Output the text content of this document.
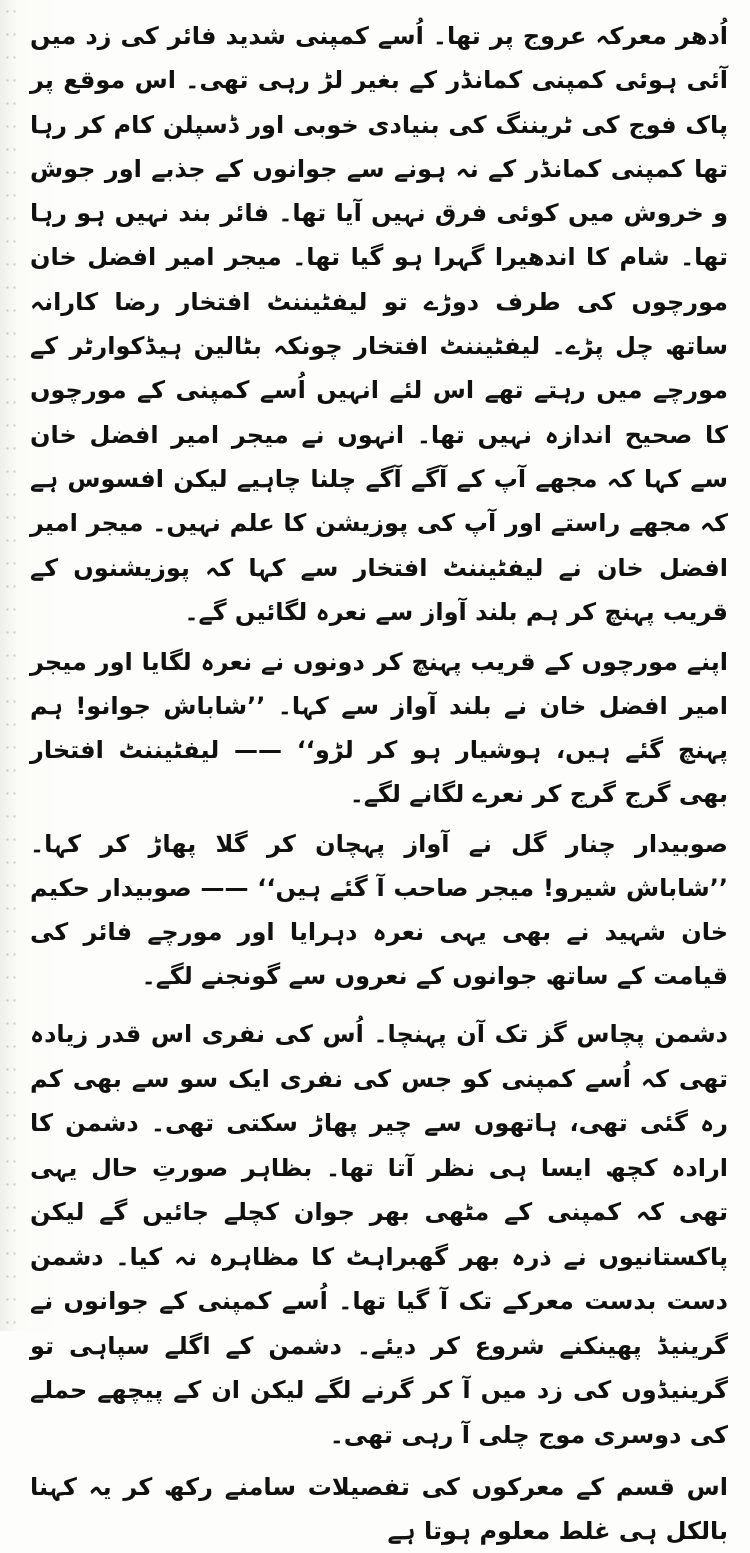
اُدھر معرکہ عروج پر تھا۔ اُسے کمپنی شدید فائر کی زد میں آئی ہوئی کمپنی کمانڈر کے بغیر لڑ رہی تھی۔ اس موقع پر پاک فوج کی ٹریننگ کی بنیادی خوبی اور ڈسپلن کام کر رہا تھا کمپنی کمانڈر کے نہ ہونے سے جوانوں کے جذبے اور جوش و خروش میں کوئی فرق نہیں آیا تھا۔ فائر بند نہیں ہو رہا تھا۔ شام کا اندھیرا گہرا ہو گیا تھا۔ میجر امیر افضل خان مورچوں کی طرف دوڑے تو لیفٹیننٹ افتخار رضا کارانہ ساتھ چل پڑے۔ لیفٹیننٹ افتخار چونکہ بٹالین ہیڈکوارٹر کے مورچے میں رہتے تھے اس لئے انہیں اُسے کمپنی کے مورچوں کا صحیح اندازہ نہیں تھا۔ انہوں نے میجر امیر افضل خان سے کہا کہ مجھے آپ کے آگے آگے چلنا چاہیے لیکن افسوس ہے کہ مجھے راستے اور آپ کی پوزیشن کا علم نہیں۔ میجر امیر افضل خان نے لیفٹیننٹ افتخار سے کہا کہ پوزیشنوں کے قریب پہنچ کر ہم بلند آواز سے نعرہ لگائیں گے۔

اپنے مورچوں کے قریب پہنچ کر دونوں نے نعرہ لگایا اور میجر امیر افضل خان نے بلند آواز سے کہا۔ ’’شاباش جوانو! ہم پہنچ گئے ہیں، ہوشیار ہو کر لڑو‘‘ —— لیفٹیننٹ افتخار بھی گرج گرج کر نعرے لگانے لگے۔

صوبیدار چنار گل نے آواز پہچان کر گلا پھاڑ کر کہا۔ ’’شاباش شیرو! میجر صاحب آ گئے ہیں‘‘ —— صوبیدار حکیم خان شہید نے بھی یہی نعرہ دہرایا اور مورچے فائر کی قیامت کے ساتھ جوانوں کے نعروں سے گونجنے لگے۔

دشمن پچاس گز تک آن پہنچا۔ اُس کی نفری اس قدر زیادہ تھی کہ اُسے کمپنی کو جس کی نفری ایک سو سے بھی کم رہ گئی تھی، ہاتھوں سے چیر پھاڑ سکتی تھی۔ دشمن کا ارادہ کچھ ایسا ہی نظر آتا تھا۔ بظاہر صورتِ حال یہی تھی کہ کمپنی کے مٹھی بھر جوان کچلے جائیں گے لیکن پاکستانیوں نے ذرہ بھر گھبراہٹ کا مظاہرہ نہ کیا۔ دشمن دست بدست معرکے تک آ گیا تھا۔ اُسے کمپنی کے جوانوں نے گرینیڈ پھینکنے شروع کر دیئے۔ دشمن کے اگلے سپاہی تو گرینیڈوں کی زد میں آ کر گرنے لگے لیکن ان کے پیچھے حملے کی دوسری موج چلی آ رہی تھی۔

اس قسم کے معرکوں کی تفصیلات سامنے رکھ کر یہ کہنا بالکل ہی غلط معلوم ہوتا ہے
